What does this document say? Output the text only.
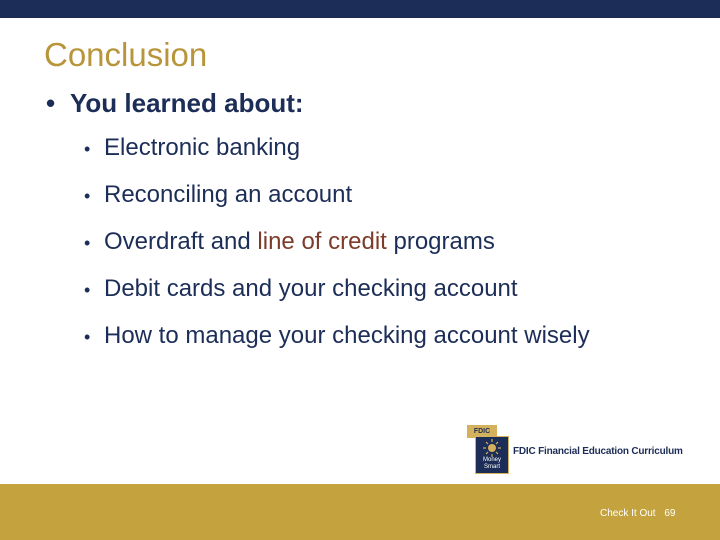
Conclusion
• You learned about:
• Electronic banking
• Reconciling an account
• Overdraft and line of credit programs
• Debit cards and your checking account
• How to manage your checking account wisely
FDIC
Money
Smart
FDIC Financial Education Curriculum
Check It Out 69
